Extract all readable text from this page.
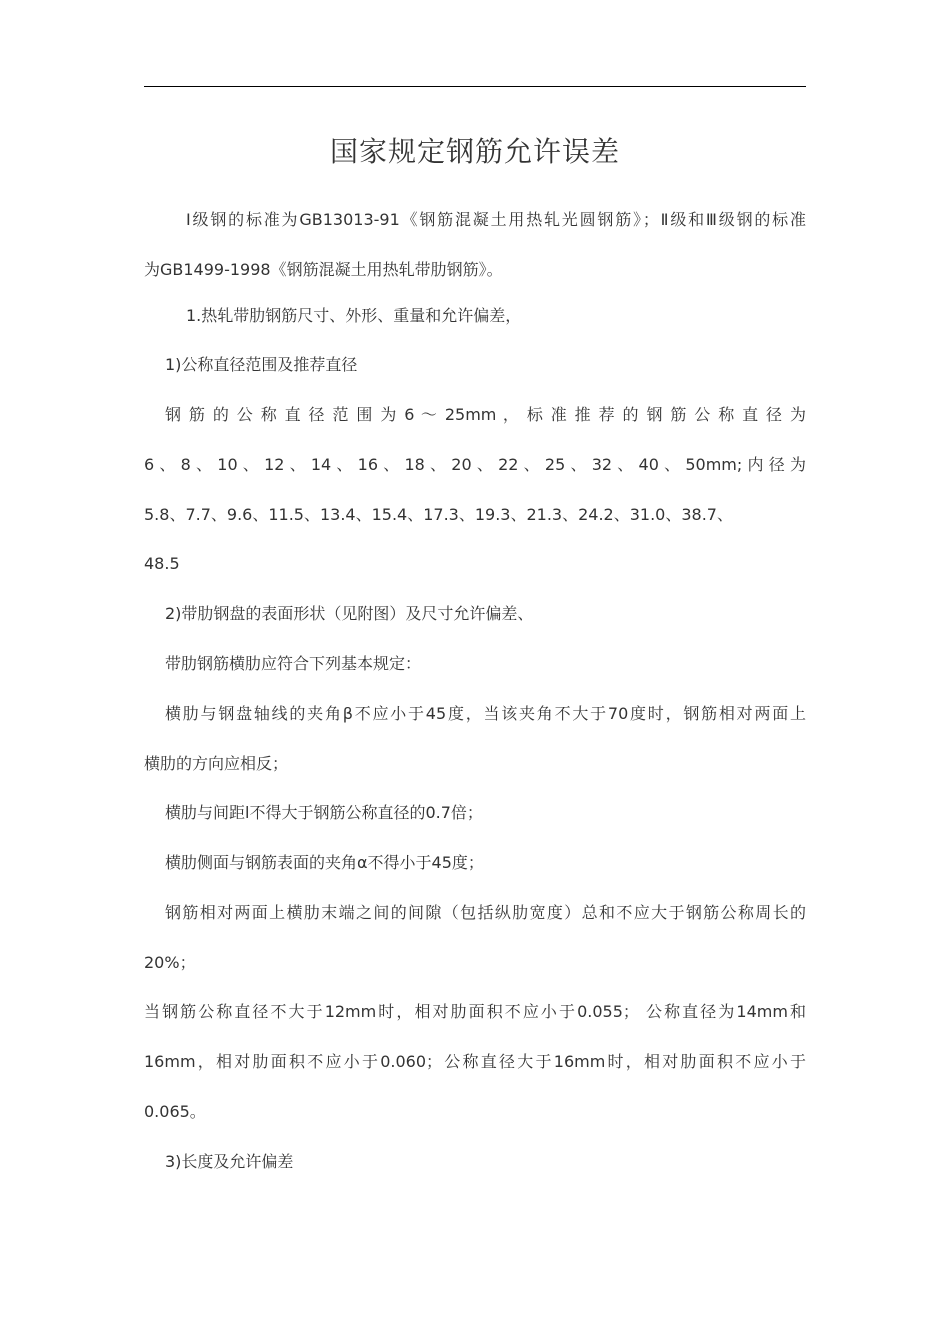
国家规定钢筋允许误差
Ⅰ级钢的标准为GB13013-91《钢筋混凝土用热轧光圆钢筋》；Ⅱ级和Ⅲ级钢的标准
为GB1499-1998《钢筋混凝土用热轧带肋钢筋》。
1.热轧带肋钢筋尺寸、外形、重量和允许偏差，
1)公称直径范围及推荐直径
钢 筋 的 公 称 直 径 范 围 为 6 ～ 25mm ， 标 准 推 荐 的 钢 筋 公 称 直 径 为
6 、 8 、 10 、 12 、 14 、 16 、 18 、 20 、 22 、 25 、 32 、 40 、 50mm; 内 径 为
5.8、7.7、9.6、11.5、13.4、15.4、17.3、19.3、21.3、24.2、31.0、38.7、
48.5
2)带肋钢盘的表面形状（见附图）及尺寸允许偏差、
带肋钢筋横肋应符合下列基本规定：
横肋与钢盘轴线的夹角β不应小于45度，当该夹角不大于70度时，钢筋相对两面上
横肋的方向应相反；
横肋与间距l不得大于钢筋公称直径的0.7倍；
横肋侧面与钢筋表面的夹角α不得小于45度；
钢筋相对两面上横肋末端之间的间隙（包括纵肋宽度）总和不应大于钢筋公称周长的
20%；
当钢筋公称直径不大于12mm时，相对肋面积不应小于0.055； 公称直径为14mm和
16mm，相对肋面积不应小于0.060；公称直径大于16mm时，相对肋面积不应小于
0.065。
3)长度及允许偏差
